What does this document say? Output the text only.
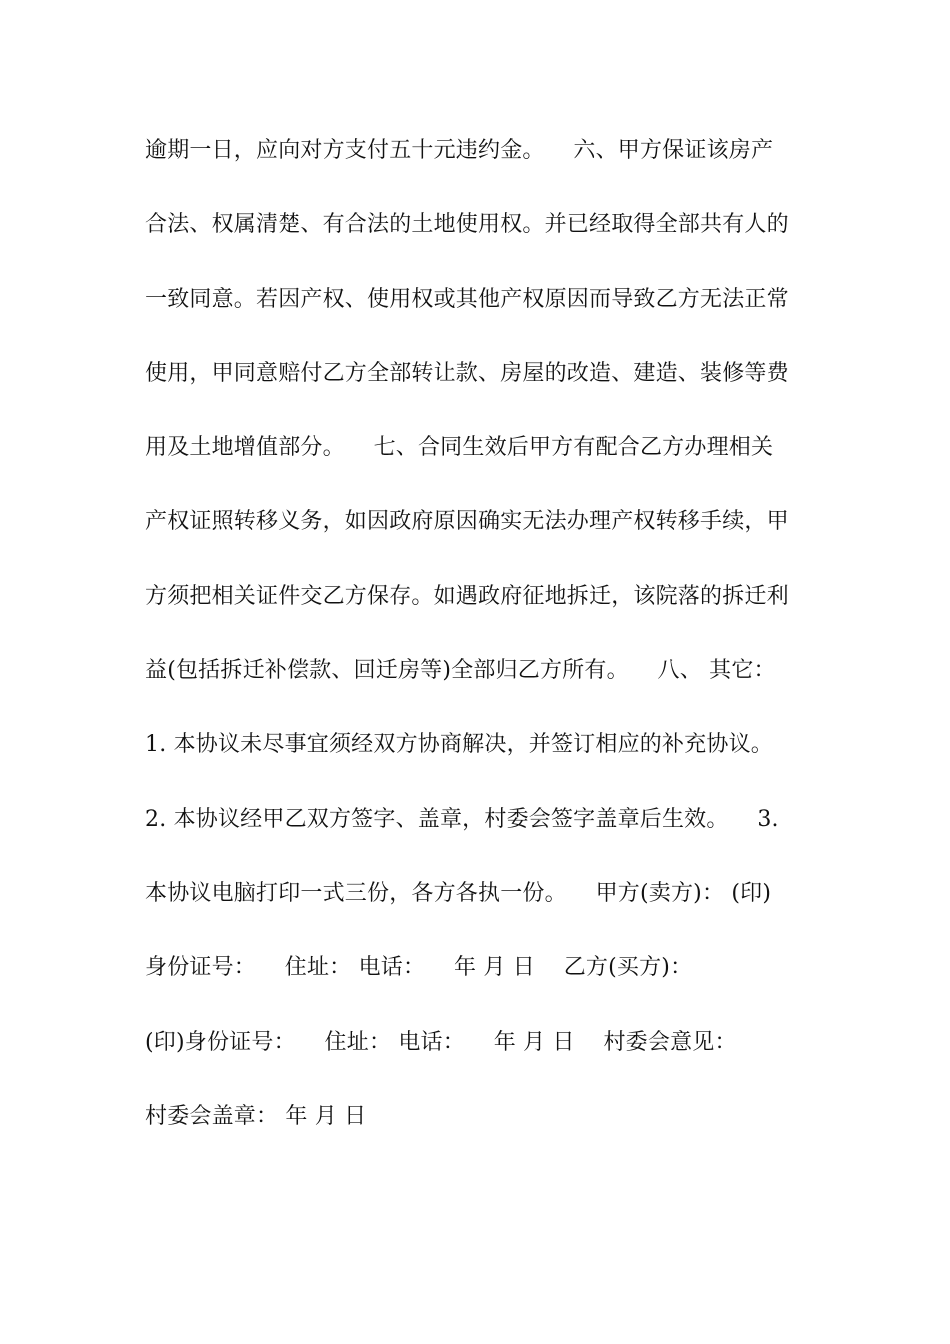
逾期一日，应向对方支付五十元违约金。    六、甲方保证该房产
合法、权属清楚、有合法的土地使用权。并已经取得全部共有人的
一致同意。若因产权、使用权或其他产权原因而导致乙方无法正常
使用，甲同意赔付乙方全部转让款、房屋的改造、建造、装修等费
用及土地增值部分。    七、合同生效后甲方有配合乙方办理相关
产权证照转移义务，如因政府原因确实无法办理产权转移手续，甲
方须把相关证件交乙方保存。如遇政府征地拆迁，该院落的拆迁利
益(包括拆迁补偿款、回迁房等)全部归乙方所有。    八、 其它：
1. 本协议未尽事宜须经双方协商解决，并签订相应的补充协议。
2. 本协议经甲乙双方签字、盖章，村委会签字盖章后生效。    3.
本协议电脑打印一式三份，各方各执一份。    甲方(卖方)： (印)
身份证号：    住址： 电话：    年 月 日    乙方(买方)：
(印)身份证号：    住址： 电话：    年 月 日    村委会意见：
村委会盖章： 年 月 日
